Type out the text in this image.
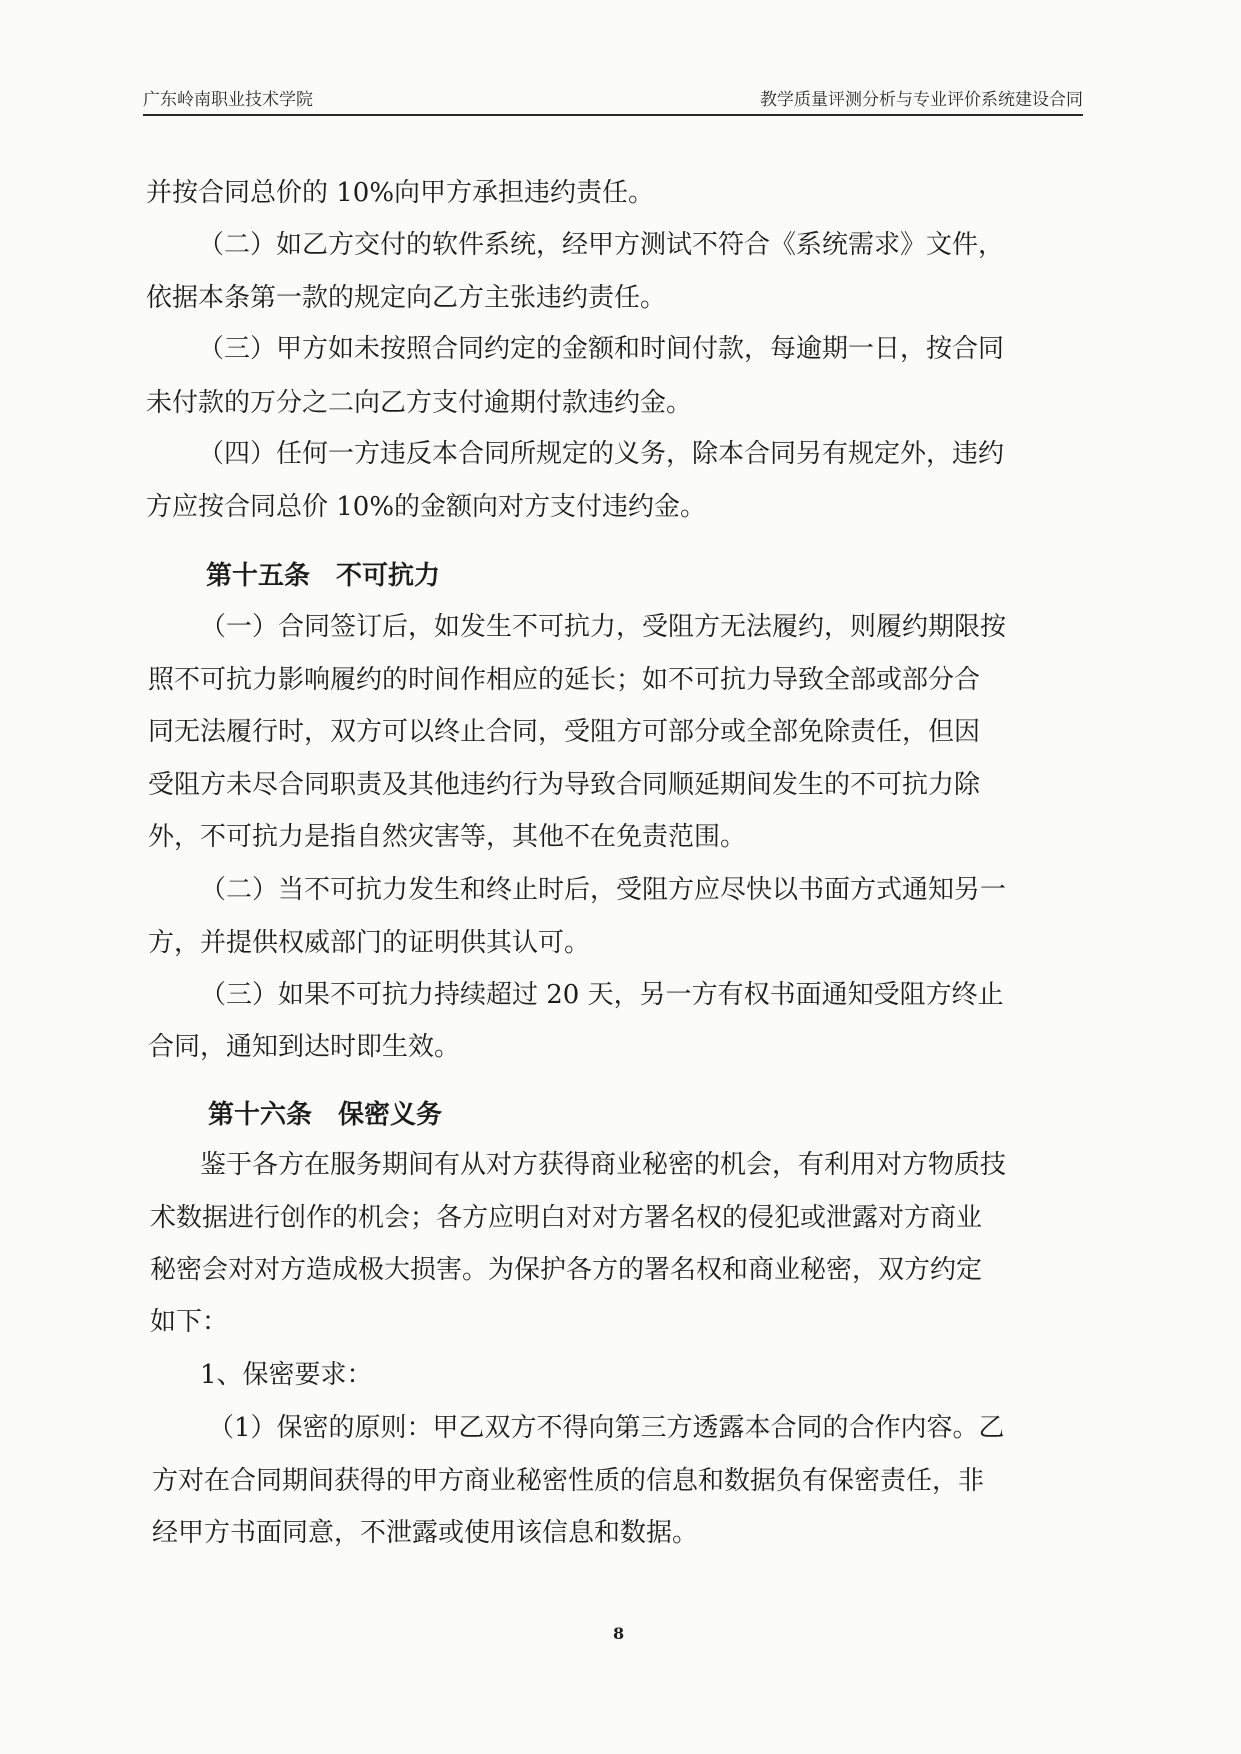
广东岭南职业技术学院	教学质量评测分析与专业评价系统建设合同
并按合同总价的 10%向甲方承担违约责任。
（二）如乙方交付的软件系统，经甲方测试不符合《系统需求》文件，
依据本条第一款的规定向乙方主张违约责任。
（三）甲方如未按照合同约定的金额和时间付款，每逾期一日，按合同
未付款的万分之二向乙方支付逾期付款违约金。
（四）任何一方违反本合同所规定的义务，除本合同另有规定外，违约
方应按合同总价 10%的金额向对方支付违约金。
第十五条　不可抗力
（一）合同签订后，如发生不可抗力，受阻方无法履约，则履约期限按
照不可抗力影响履约的时间作相应的延长；如不可抗力导致全部或部分合
同无法履行时，双方可以终止合同，受阻方可部分或全部免除责任，但因
受阻方未尽合同职责及其他违约行为导致合同顺延期间发生的不可抗力除
外，不可抗力是指自然灾害等，其他不在免责范围。
（二）当不可抗力发生和终止时后，受阻方应尽快以书面方式通知另一
方，并提供权威部门的证明供其认可。
（三）如果不可抗力持续超过 20 天，另一方有权书面通知受阻方终止
合同，通知到达时即生效。
第十六条　保密义务
鉴于各方在服务期间有从对方获得商业秘密的机会，有利用对方物质技
术数据进行创作的机会；各方应明白对对方署名权的侵犯或泄露对方商业
秘密会对对方造成极大损害。为保护各方的署名权和商业秘密，双方约定
如下：
1、保密要求：
（1）保密的原则：甲乙双方不得向第三方透露本合同的合作内容。乙
方对在合同期间获得的甲方商业秘密性质的信息和数据负有保密责任，非
经甲方书面同意，不泄露或使用该信息和数据。
8
